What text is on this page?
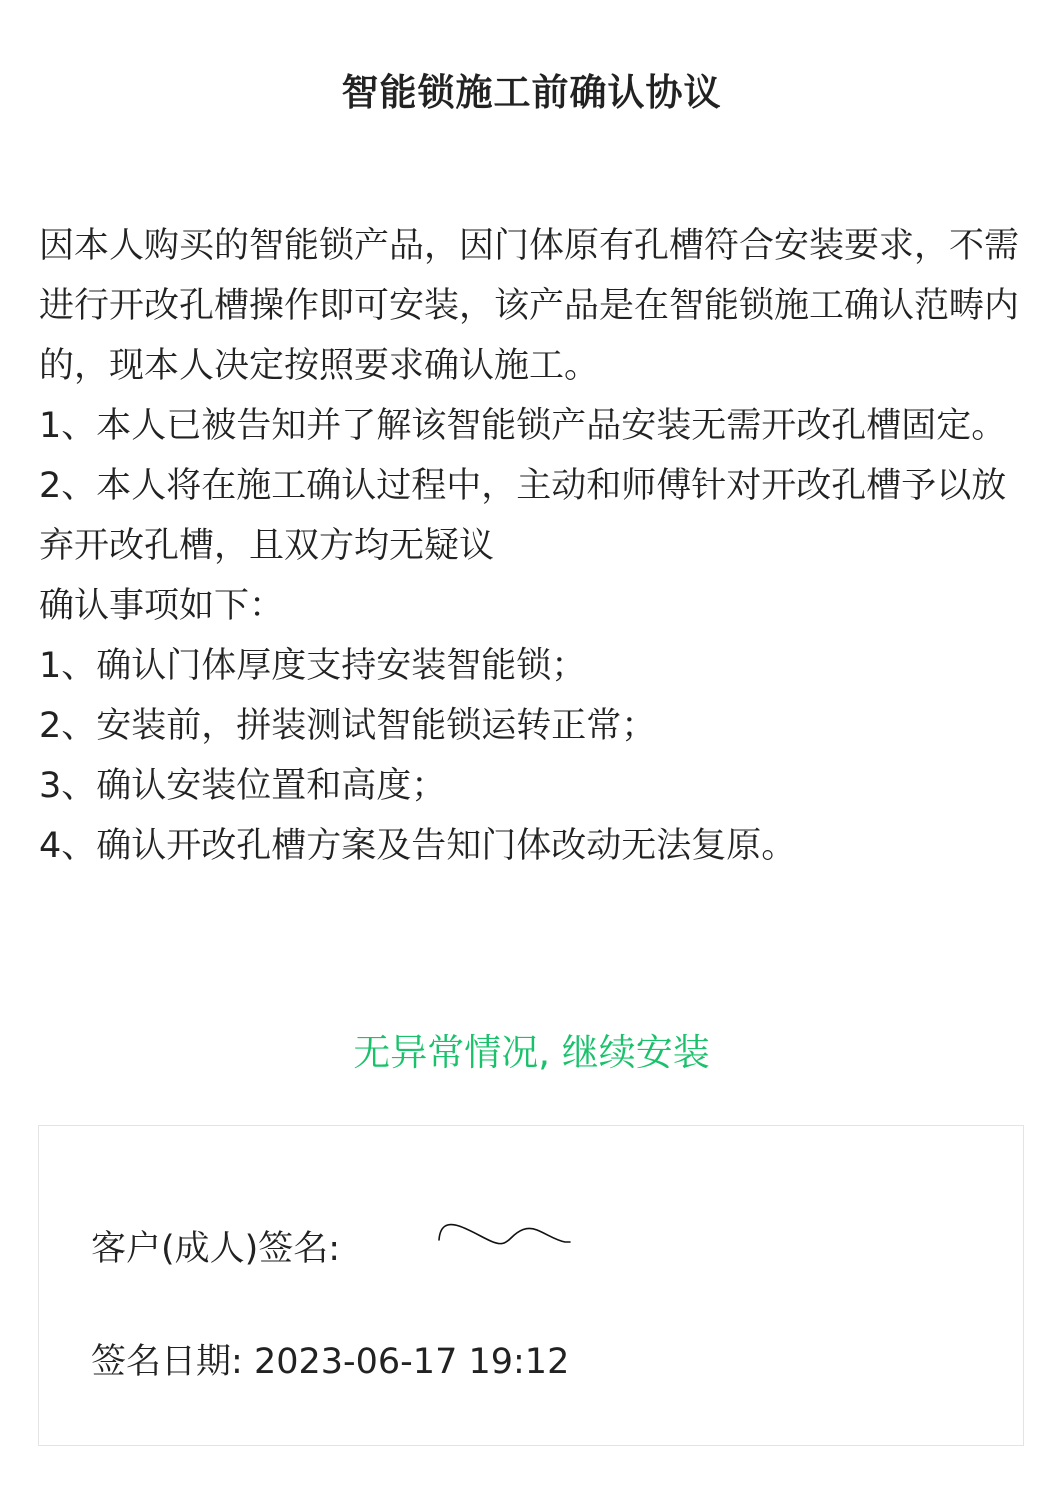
智能锁施工前确认协议

因本人购买的智能锁产品，因门体原有孔槽符合安装要求，不需进行开改孔槽操作即可安装，该产品是在智能锁施工确认范畴内的，现本人决定按照要求确认施工。

1、本人已被告知并了解该智能锁产品安装无需开改孔槽固定。

2、本人将在施工确认过程中，主动和师傅针对开改孔槽予以放弃开改孔槽，且双方均无疑议

确认事项如下：

1、确认门体厚度支持安装智能锁；

2、安装前，拼装测试智能锁运转正常；

3、确认安装位置和高度；

4、确认开改孔槽方案及告知门体改动无法复原。

无异常情况, 继续安装
客户(成人)签名:
签名日期: 2023-06-17 19:12
